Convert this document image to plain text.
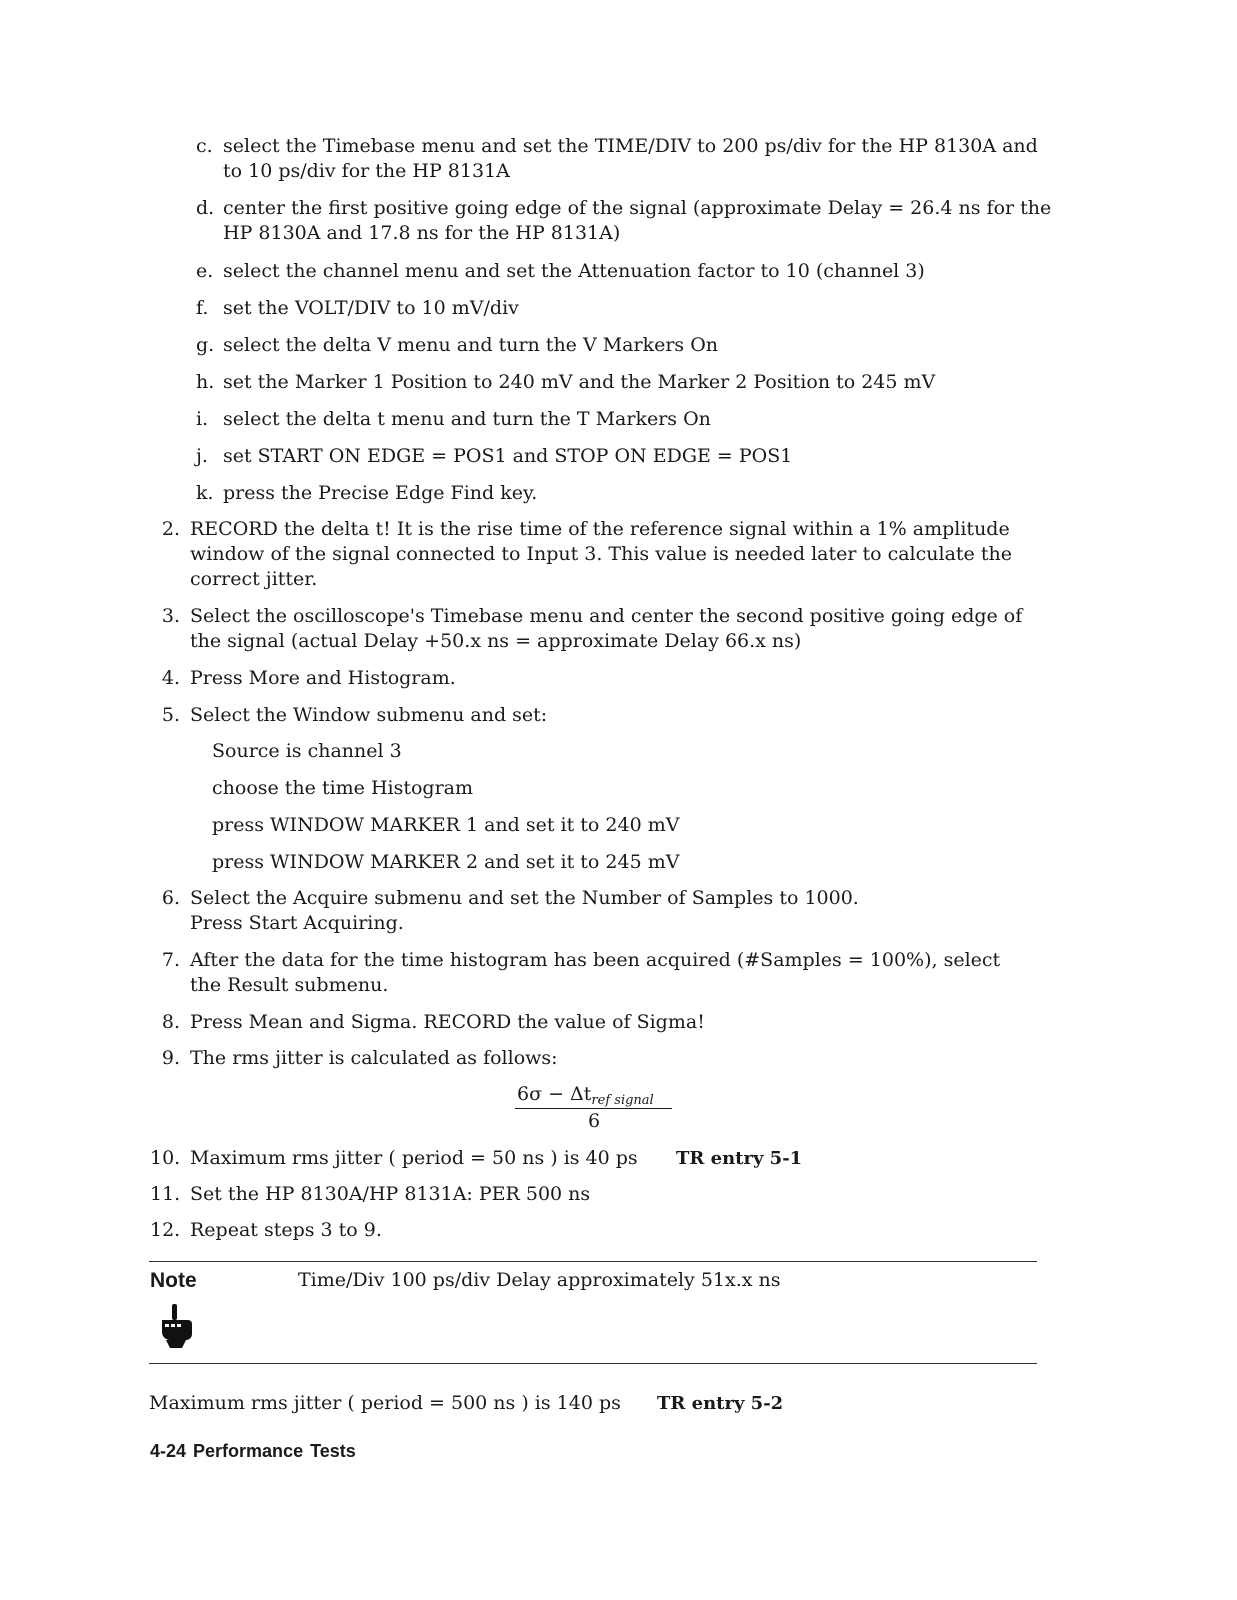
c. select the Timebase menu and set the TIME/DIV to 200 ps/div for the HP 8130A and to 10 ps/div for the HP 8131A
d. center the first positive going edge of the signal (approximate Delay = 26.4 ns for the HP 8130A and 17.8 ns for the HP 8131A)
e. select the channel menu and set the Attenuation factor to 10 (channel 3)
f. set the VOLT/DIV to 10 mV/div
g. select the delta V menu and turn the V Markers On
h. set the Marker 1 Position to 240 mV and the Marker 2 Position to 245 mV
i. select the delta t menu and turn the T Markers On
j. set START ON EDGE = POS1 and STOP ON EDGE = POS1
k. press the Precise Edge Find key.
2. RECORD the delta t! It is the rise time of the reference signal within a 1% amplitude window of the signal connected to Input 3. This value is needed later to calculate the correct jitter.
3. Select the oscilloscope's Timebase menu and center the second positive going edge of the signal (actual Delay +50.x ns = approximate Delay 66.x ns)
4. Press More and Histogram.
5. Select the Window submenu and set:
Source is channel 3
choose the time Histogram
press WINDOW MARKER 1 and set it to 240 mV
press WINDOW MARKER 2 and set it to 245 mV
6. Select the Acquire submenu and set the Number of Samples to 1000.
Press Start Acquiring.
7. After the data for the time histogram has been acquired (#Samples = 100%), select the Result submenu.
8. Press Mean and Sigma. RECORD the value of Sigma!
9. The rms jitter is calculated as follows:
$6\sigma - \Delta t_{ref signal}$
6
10. Maximum rms jitter ( period = 50 ns ) is 40 ps	TR entry 5-1
11. Set the HP 8130A/HP 8131A: PER 500 ns
12. Repeat steps 3 to 9.
Note	Time/Div 100 ps/div Delay approximately 51x.x ns
Maximum rms jitter ( period = 500 ns ) is 140 ps TR entry 5-2
4-24 Performance Tests
